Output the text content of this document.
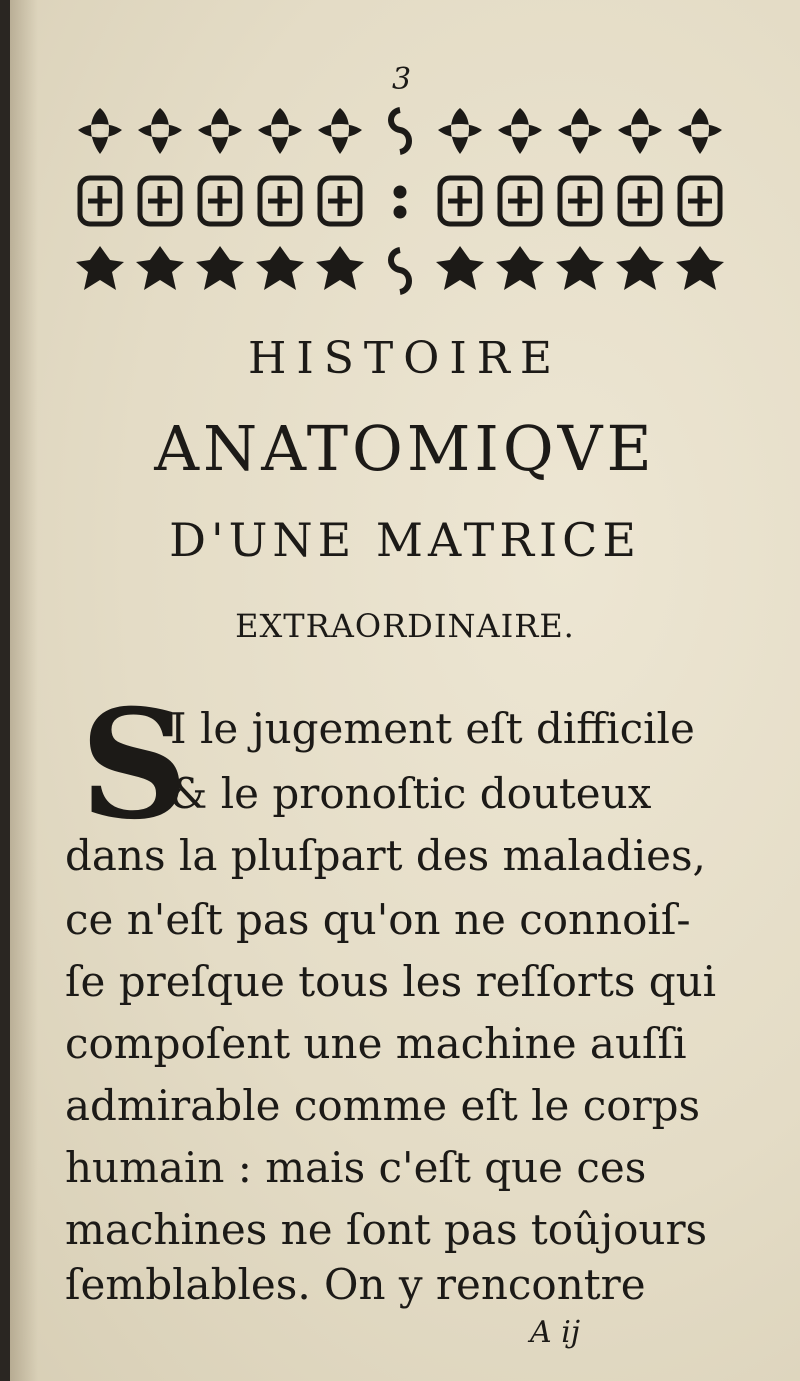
3
HISTOIRE
ANATOMIQVE
D'UNE MATRICE
EXTRAORDINAIRE.
S
I le jugement eſt difficile
& le pronoſtic douteux
dans la pluſpart des maladies,
ce n'eſt pas qu'on ne connoiſ-
ſe preſque tous les reſſorts qui
compoſent une machine auſſi
admirable comme eſt le corps
humain : mais c'eſt que ces
machines ne ſont pas toûjours
ſemblables. On y rencontre
A ij
